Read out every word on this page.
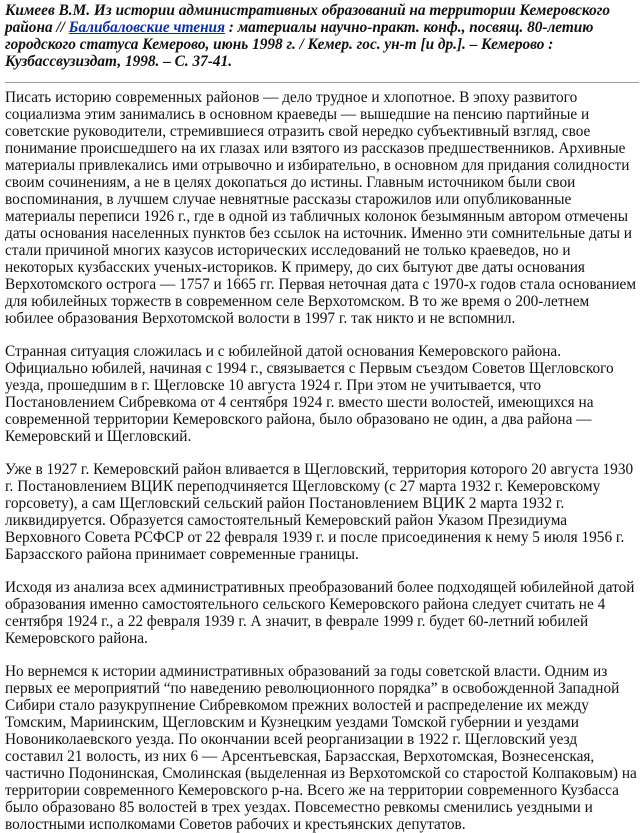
Кимеев В.М. Из истории административных образований на территории Кемеровского района // Балибаловские чтения : материалы научно-практ. конф., посвящ. 80-летию городского статуса Кемерово, июнь 1998 г. / Кемер. гос. ун-т [и др.]. – Кемерово : Кузбассвузиздат, 1998. – С. 37-41.

Писать историю современных районов — дело трудное и хлопотное. В эпоху развитого социализма этим занимались в основном краеведы — вышедшие на пенсию партийные и советские руководители, стремившиеся отразить свой нередко субъективный взгляд, свое понимание происшедшего на их глазах или взятого из рассказов предшественников. Архивные материалы привлекались ими отрывочно и избирательно, в основном для придания солидности своим сочинениям, а не в целях докопаться до истины. Главным источником были свои воспоминания, в лучшем случае невнятные рассказы старожилов или опубликованные материалы переписи 1926 г., где в одной из табличных колонок безымянным автором отмечены даты основания населенных пунктов без ссылок на источник. Именно эти сомнительные даты и стали причиной многих казусов исторических исследований не только краеведов, но и некоторых кузбасских ученых-историков. К примеру, до сих бытуют две даты основания Верхотомского острога — 1757 и 1665 гг. Первая неточная дата с 1970-х годов стала основанием для юбилейных торжеств в современном селе Верхотомском. В то же время о 200-летнем юбилее образования Верхотомской волости в 1997 г. так никто и не вспомнил.

Странная ситуация сложилась и с юбилейной датой основания Кемеровского района. Официально юбилей, начиная с 1994 г., связывается с Первым съездом Советов Щегловского уезда, прошедшим в г. Щегловске 10 августа 1924 г. При этом не учитывается, что Постановлением Сибревкома от 4 сентября 1924 г. вместо шести волостей, имеющихся на современной территории Кемеровского района, было образовано не один, а два района — Кемеровский и Щегловский.

Уже в 1927 г. Кемеровский район вливается в Щегловский, территория которого 20 августа 1930 г. Постановлением ВЦИК переподчиняется Щегловскому (с 27 марта 1932 г. Кемеровскому горсовету), а сам Щегловский сельский район Постановлением ВЦИК 2 марта 1932 г. ликвидируется. Образуется самостоятельный Кемеровский район Указом Президиума Верховного Совета РСФСР от 22 февраля 1939 г. и после присоединения к нему 5 июля 1956 г. Барзасского района принимает современные границы.

Исходя из анализа всех административных преобразований более подходящей юбилейной датой образования именно самостоятельного сельского Кемеровского района следует считать не 4 сентября 1924 г., а 22 февраля 1939 г. А значит, в феврале 1999 г. будет 60-летний юбилей Кемеровского района.

Но вернемся к истории административных образований за годы советской власти. Одним из первых ее мероприятий “по наведению революционного порядка” в освобожденной Западной Сибири стало разукрупнение Сибревкомом прежних волостей и распределение их между Томским, Мариинским, Щегловским и Кузнецким уездами Томской губернии и уездами Новониколаевского уезда. По окончании всей реорганизации в 1922 г. Щегловский уезд составил 21 волость, из них 6 — Арсентьевская, Барзасская, Верхотомская, Вознесенская, частично Подонинская, Смолинская (выделенная из Верхотомской со старостой Колпаковым) на территории современного Кемеровского р-на. Всего же на территории современного Кузбасса было образовано 85 волостей в трех уездах. Повсеместно ревкомы сменились уездными и волостными исполкомами Советов рабочих и крестьянских депутатов.
